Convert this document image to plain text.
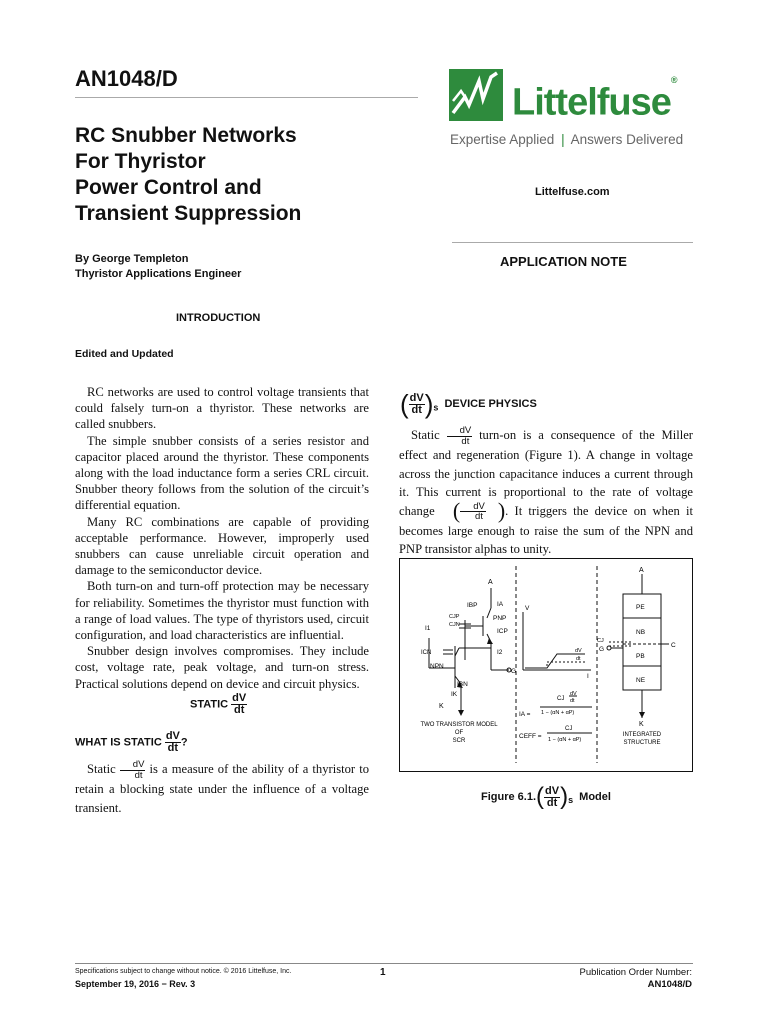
AN1048/D
RC Snubber Networks
For Thyristor
Power Control and
Transient Suppression
By George Templeton
Thyristor Applications Engineer
Littelfuse®
Expertise Applied | Answers Delivered
Littelfuse.com
APPLICATION NOTE
INTRODUCTION
Edited and Updated

RC networks are used to control voltage transients that could falsely turn-on a thyristor. These networks are called snubbers.

The simple snubber consists of a series resistor and capacitor placed around the thyristor. These components along with the load inductance form a series CRL circuit. Snubber theory follows from the solution of the circuit’s differential equation.

Many RC combinations are capable of providing acceptable performance. However, improperly used snubbers can cause unreliable circuit operation and damage to the semiconductor device.

Both turn-on and turn-off protection may be necessary for reliability. Sometimes the thyristor must function with a range of load values. The type of thyristors used, circuit configuration, and load characteristics are influential.

Snubber design involves compromises. They include cost, voltage rate, peak voltage, and turn-on stress. Practical solutions depend on device and circuit physics.

STATIC $\frac{dV}{dt}$
WHAT IS STATIC $\frac{dV}{dt}$ ?

Static $\frac{dV}{dt}$ is a measure of the ability of a thyristor to retain a blocking state under the influence of a voltage transient.

( $\frac{dV}{dt} )_s$ DEVICE PHYSICS

Static $\frac{dV}{dt}$ turn-on is a consequence of the Miller effect and regeneration (Figure 1). A change in voltage across the junction capacitance induces a current through it. This current is proportional to the rate of voltage change ( $\frac{dV}{dt}$ ). It triggers the device on when it becomes large enough to raise the sum of the NPN and PNP transistor alphas to unity.

A
IBP	IA
I1
CJP
CJN
ICP
PNP
ICN
NPN
I2
G
IBN
IK
K
TWO TRANSISTOR MODEL
OF
SCR
V
I
dV
dt
IA =
CJ
dV
dt
1 − (αN + αP)
CEFF =
CJ
1 − (αN + αP)
A
PE
NB
PB
NE
CJ
G
C
K
INTEGRATED
STRUCTURE
Figure $6.1.( \frac{dV}{dt} )_s$ Model
Specifications subject to change without notice. © 2016 Littelfuse, Inc.
September 19, 2016 − Rev. 3
1	Publication Order Number:
AN1048/D
